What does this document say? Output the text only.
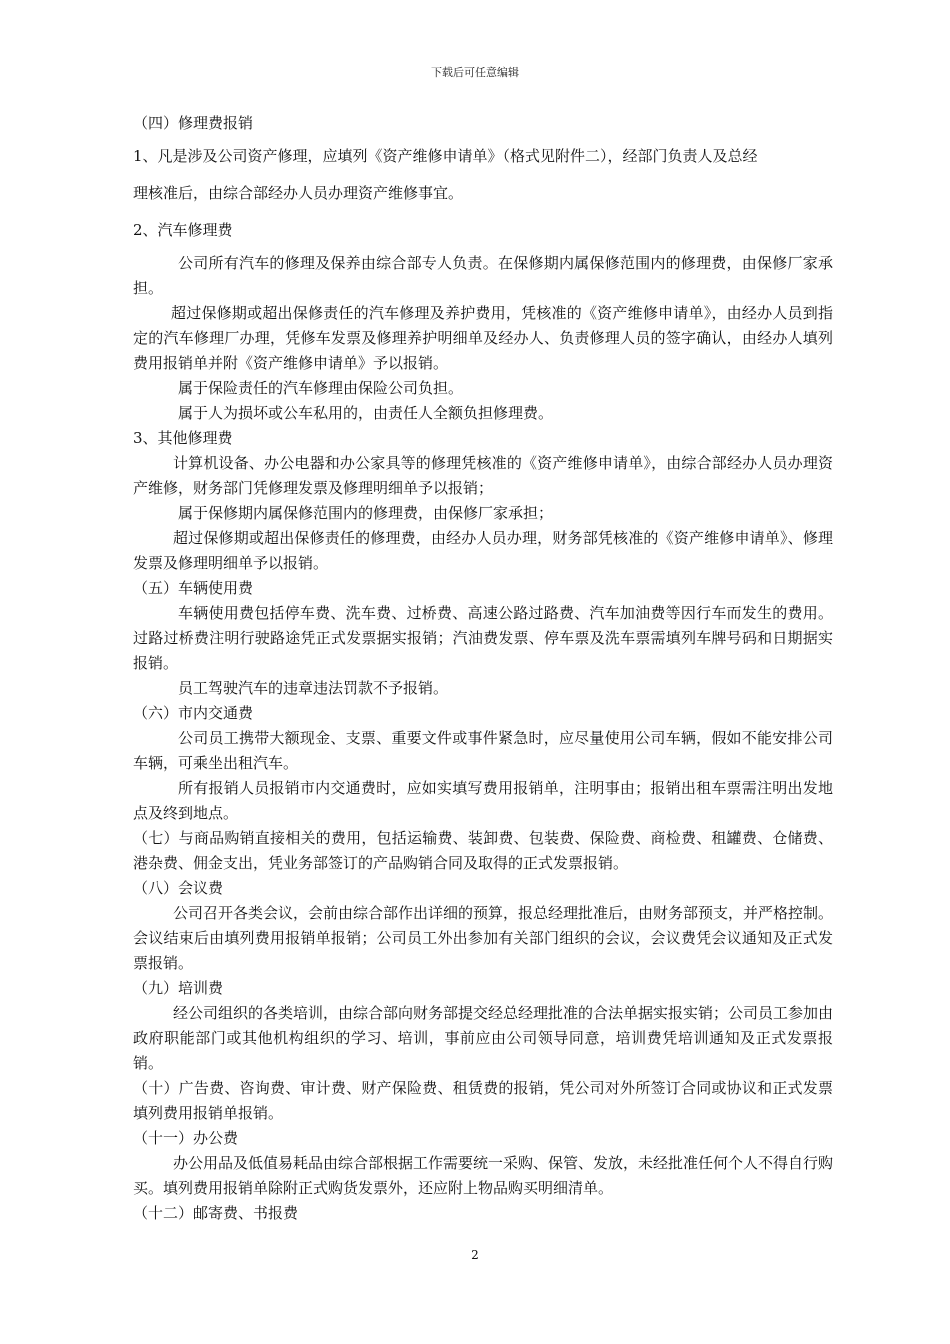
下载后可任意编辑

（四）修理费报销

1、凡是涉及公司资产修理，应填列《资产维修申请单》（格式见附件二），经部门负责人及总经

理核准后，由综合部经办人员办理资产维修事宜。

2、汽车修理费

公司所有汽车的修理及保养由综合部专人负责。在保修期内属保修范围内的修理费，由保修厂家承担。

超过保修期或超出保修责任的汽车修理及养护费用，凭核准的《资产维修申请单》，由经办人员到指定的汽车修理厂办理，凭修车发票及修理养护明细单及经办人、负责修理人员的签字确认，由经办人填列费用报销单并附《资产维修申请单》予以报销。

属于保险责任的汽车修理由保险公司负担。

属于人为损坏或公车私用的，由责任人全额负担修理费。

3、其他修理费

计算机设备、办公电器和办公家具等的修理凭核准的《资产维修申请单》，由综合部经办人员办理资产维修，财务部门凭修理发票及修理明细单予以报销；

属于保修期内属保修范围内的修理费，由保修厂家承担；

超过保修期或超出保修责任的修理费，由经办人员办理，财务部凭核准的《资产维修申请单》、修理发票及修理明细单予以报销。

（五）车辆使用费

车辆使用费包括停车费、洗车费、过桥费、高速公路过路费、汽车加油费等因行车而发生的费用。过路过桥费注明行驶路途凭正式发票据实报销；汽油费发票、停车票及洗车票需填列车牌号码和日期据实报销。

员工驾驶汽车的违章违法罚款不予报销。

（六）市内交通费

公司员工携带大额现金、支票、重要文件或事件紧急时，应尽量使用公司车辆，假如不能安排公司车辆，可乘坐出租汽车。

所有报销人员报销市内交通费时，应如实填写费用报销单，注明事由；报销出租车票需注明出发地点及终到地点。

（七）与商品购销直接相关的费用，包括运输费、装卸费、包装费、保险费、商检费、租罐费、仓储费、港杂费、佣金支出，凭业务部签订的产品购销合同及取得的正式发票报销。

（八）会议费

公司召开各类会议，会前由综合部作出详细的预算，报总经理批准后，由财务部预支，并严格控制。会议结束后由填列费用报销单报销；公司员工外出参加有关部门组织的会议，会议费凭会议通知及正式发票报销。

（九）培训费

经公司组织的各类培训，由综合部向财务部提交经总经理批准的合法单据实报实销；公司员工参加由政府职能部门或其他机构组织的学习、培训，事前应由公司领导同意，培训费凭培训通知及正式发票报销。

（十）广告费、咨询费、审计费、财产保险费、租赁费的报销，凭公司对外所签订合同或协议和正式发票填列费用报销单报销。

（十一）办公费

办公用品及低值易耗品由综合部根据工作需要统一采购、保管、发放，未经批准任何个人不得自行购买。填列费用报销单除附正式购货发票外，还应附上物品购买明细清单。

（十二）邮寄费、书报费

2
